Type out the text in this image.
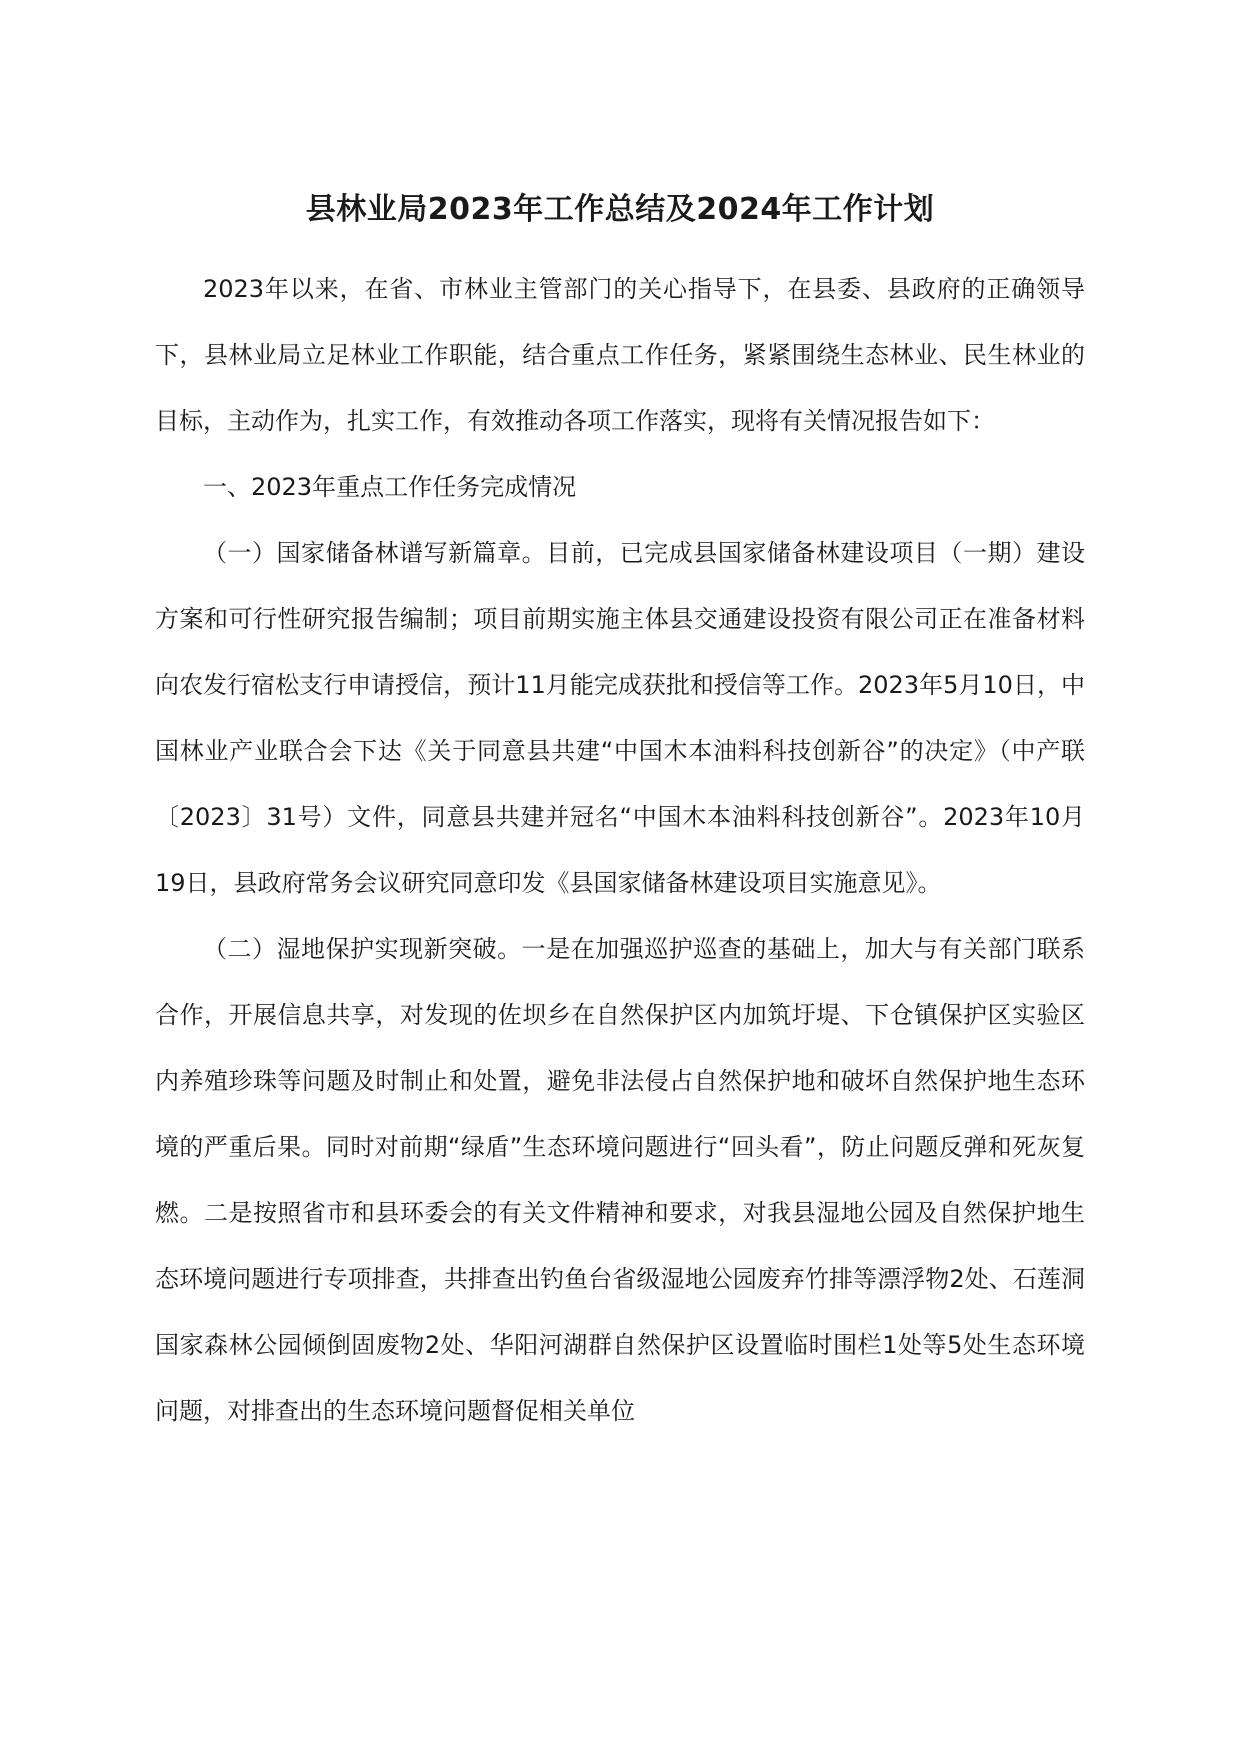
县林业局2023年工作总结及2024年工作计划

2023年以来，在省、市林业主管部门的关心指导下，在县委、县政府的正确领导下，县林业局立足林业工作职能，结合重点工作任务，紧紧围绕生态林业、民生林业的目标，主动作为，扎实工作，有效推动各项工作落实，现将有关情况报告如下：

一、2023年重点工作任务完成情况

（一）国家储备林谱写新篇章。目前，已完成县国家储备林建设项目（一期）建设方案和可行性研究报告编制；项目前期实施主体县交通建设投资有限公司正在准备材料向农发行宿松支行申请授信，预计11月能完成获批和授信等工作。2023年5月10日，中国林业产业联合会下达《关于同意县共建“中国木本油料科技创新谷”的决定》（中产联〔2023〕31号）文件，同意县共建并冠名“中国木本油料科技创新谷”。2023年10月19日，县政府常务会议研究同意印发《县国家储备林建设项目实施意见》。

（二）湿地保护实现新突破。一是在加强巡护巡查的基础上，加大与有关部门联系合作，开展信息共享，对发现的佐坝乡在自然保护区内加筑圩堤、下仓镇保护区实验区内养殖珍珠等问题及时制止和处置，避免非法侵占自然保护地和破坏自然保护地生态环境的严重后果。同时对前期“绿盾”生态环境问题进行“回头看”，防止问题反弹和死灰复燃。二是按照省市和县环委会的有关文件精神和要求，对我县湿地公园及自然保护地生态环境问题进行专项排查，共排查出钓鱼台省级湿地公园废弃竹排等漂浮物2处、石莲洞国家森林公园倾倒固废物2处、华阳河湖群自然保护区设置临时围栏1处等5处生态环境问题，对排查出的生态环境问题督促相关单位
